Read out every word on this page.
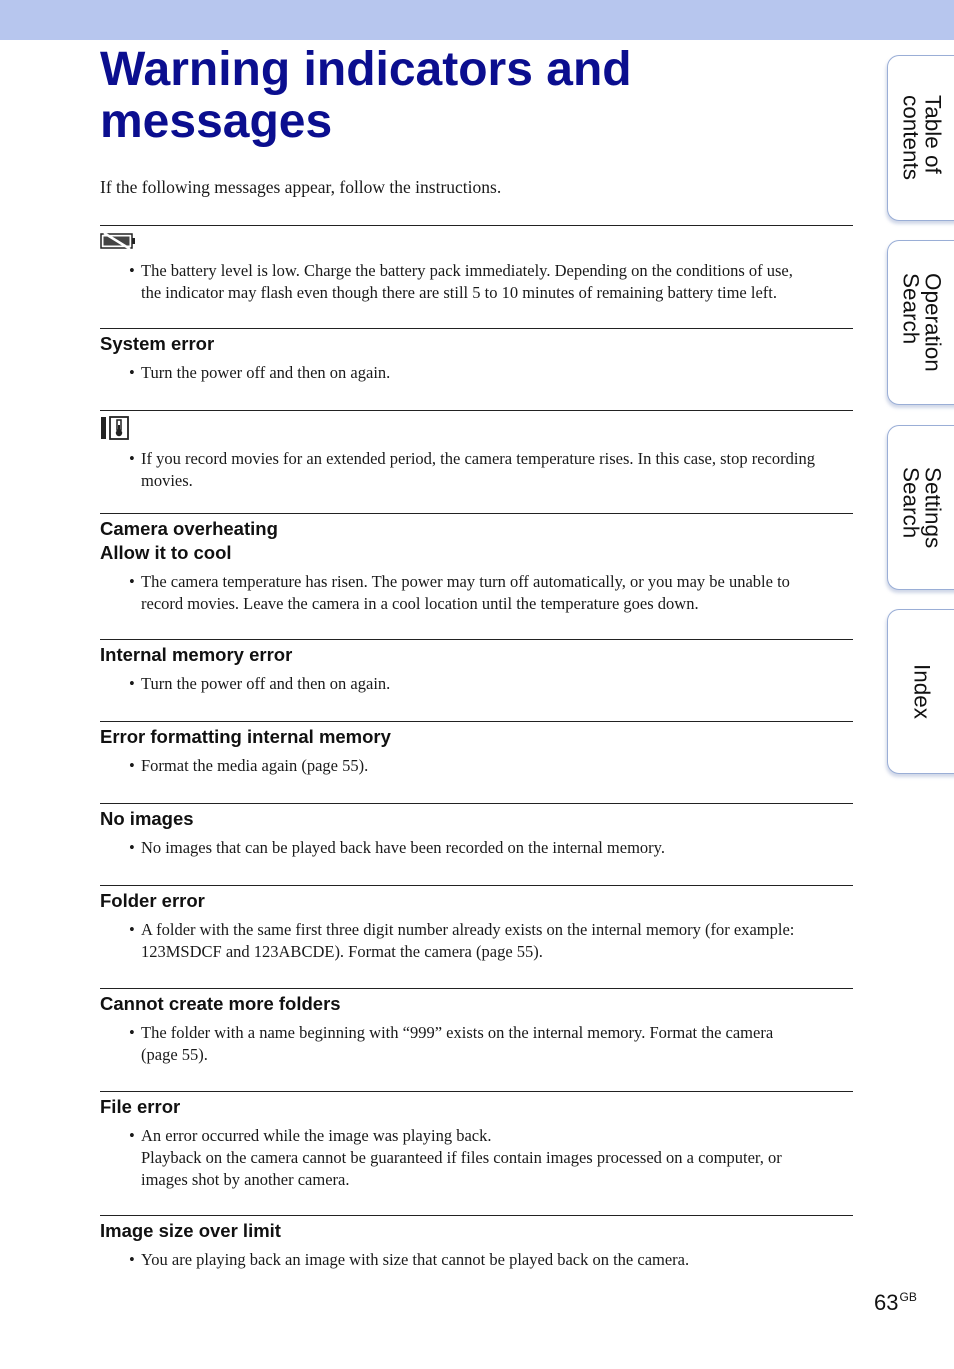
Warning indicators and
messages
If the following messages appear, follow the instructions.
• The battery level is low. Charge the battery pack immediately. Depending on the conditions of use,
the indicator may flash even though there are still 5 to 10 minutes of remaining battery time left.
System error
• Turn the power off and then on again.
• If you record movies for an extended period, the camera temperature rises. In this case, stop recording
movies.
Camera overheating
Allow it to cool
• The camera temperature has risen. The power may turn off automatically, or you may be unable to
record movies. Leave the camera in a cool location until the temperature goes down.
Internal memory error
• Turn the power off and then on again.
Error formatting internal memory
• Format the media again (page 55).
No images
• No images that can be played back have been recorded on the internal memory.
Folder error
• A folder with the same first three digit number already exists on the internal memory (for example:
123MSDCF and 123ABCDE). Format the camera (page 55).
Cannot create more folders
• The folder with a name beginning with “999” exists on the internal memory. Format the camera
(page 55).
File error
• An error occurred while the image was playing back.
Playback on the camera cannot be guaranteed if files contain images processed on a computer, or
images shot by another camera.
Image size over limit
• You are playing back an image with size that cannot be played back on the camera.
Table of
contents
Operation
Search
Settings
Search
Index
$63^{GB}$
